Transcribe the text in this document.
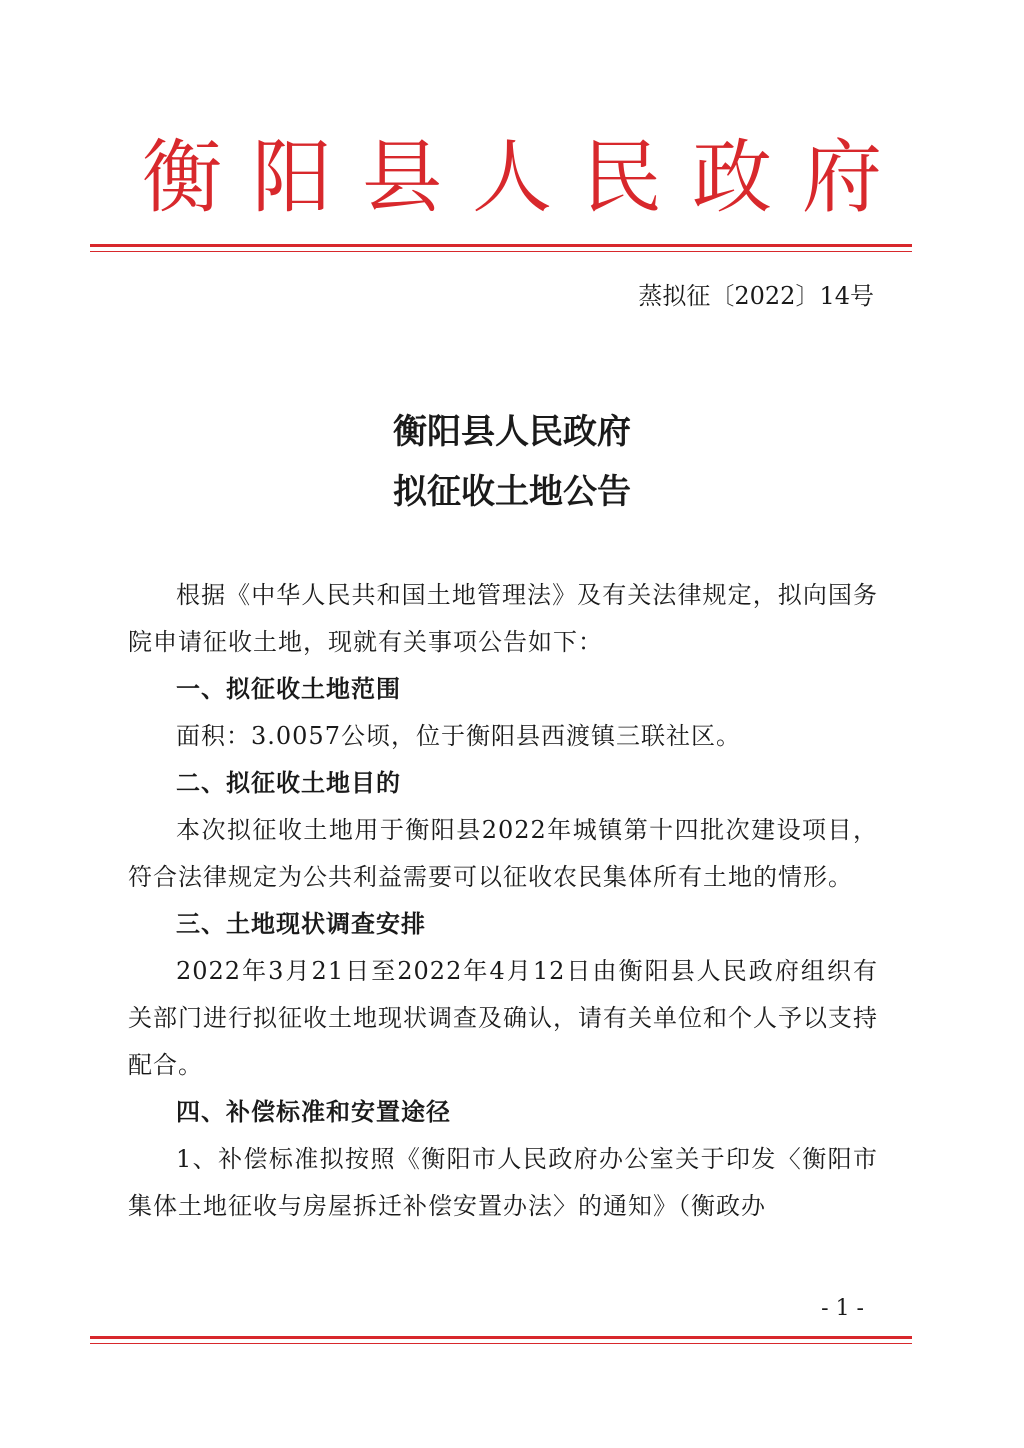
衡阳县人民政府
蒸拟征〔2022〕14号
衡阳县人民政府
拟征收土地公告

根据《中华人民共和国土地管理法》及有关法律规定，拟向国务院申请征收土地，现就有关事项公告如下：

一、拟征收土地范围

面积：3.0057公顷，位于衡阳县西渡镇三联社区。

二、拟征收土地目的

本次拟征收土地用于衡阳县2022年城镇第十四批次建设项目，符合法律规定为公共利益需要可以征收农民集体所有土地的情形。

三、土地现状调查安排

2022年3月21日至2022年4月12日由衡阳县人民政府组织有关部门进行拟征收土地现状调查及确认，请有关单位和个人予以支持配合。

四、补偿标准和安置途径

1、补偿标准拟按照《衡阳市人民政府办公室关于印发〈衡阳市集体土地征收与房屋拆迁补偿安置办法〉的通知》（衡政办

- 1 -
